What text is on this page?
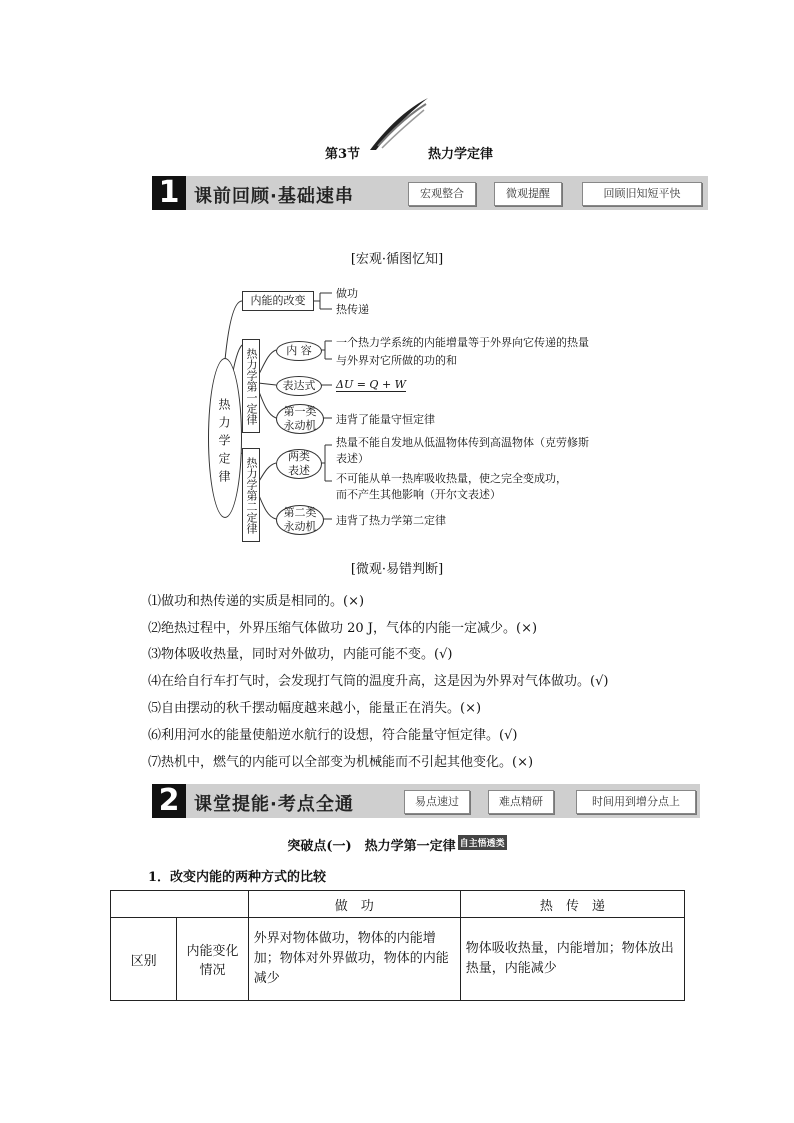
第3节	热力学定律
1 课前回顾·基础速串	宏观整合	微观提醒	回顾旧知短平快
[宏观·循图忆知]
热力学定律
内能的改变
做功
热传递
热力学第一定律	内 容
一个热力学系统的内能增量等于外界向它传递的热量
与外界对它所做的功的和
表达式	ΔU = Q + W
第一类
永动机	违背了能量守恒定律
热力学第二定律	两类
表述
热量不能自发地从低温物体传到高温物体（克劳修斯
表述）
不可能从单一热库吸收热量，使之完全变成功，
而不产生其他影响（开尔文表述）
第二类
永动机	违背了热力学第二定律
[微观·易错判断]
⑴做功和热传递的实质是相同的。(×)
⑵绝热过程中，外界压缩气体做功 20 J，气体的内能一定减少。(×)
⑶物体吸收热量，同时对外做功，内能可能不变。(√)
⑷在给自行车打气时，会发现打气筒的温度升高，这是因为外界对气体做功。(√)
⑸自由摆动的秋千摆动幅度越来越小，能量正在消失。(×)
⑹利用河水的能量使船逆水航行的设想，符合能量守恒定律。(√)
⑺热机中，燃气的内能可以全部变为机械能而不引起其他变化。(×)
2 课堂提能·考点全通	易点速过	难点精研	时间用到增分点上
突破点(一)　热力学第一定律 自主悟透类
1．改变内能的两种方式的比较
		做　功	热　传　递
区别	内能变化情况	外界对物体做功，物体的内能增加；物体对外界做功，物体的内能减少	物体吸收热量，内能增加；物体放出热量，内能减少
